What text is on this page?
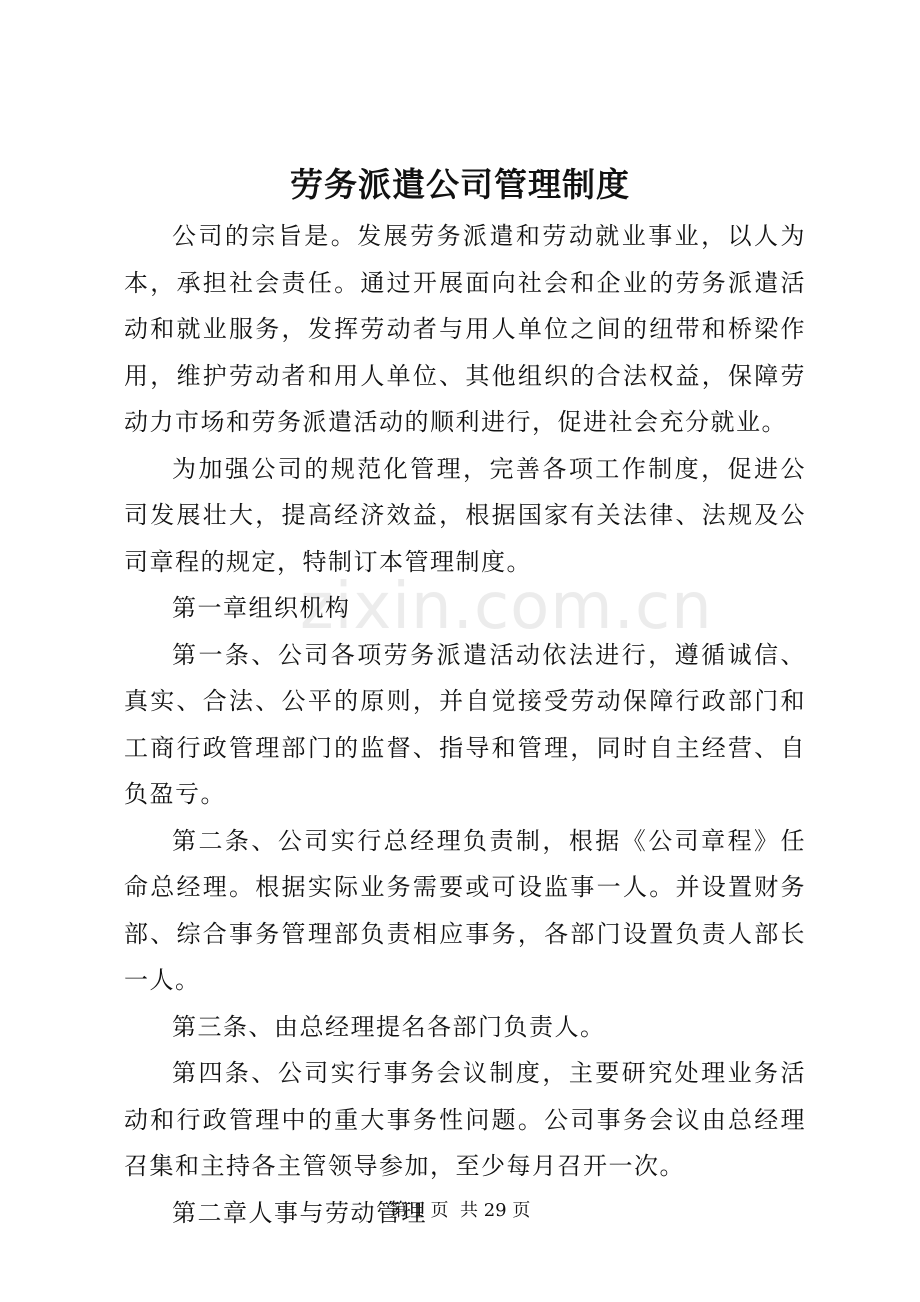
zixin.com.cn
劳务派遣公司管理制度

公司的宗旨是。发展劳务派遣和劳动就业事业，以人为本，承担社会责任。通过开展面向社会和企业的劳务派遣活动和就业服务，发挥劳动者与用人单位之间的纽带和桥梁作用，维护劳动者和用人单位、其他组织的合法权益，保障劳动力市场和劳务派遣活动的顺利进行，促进社会充分就业。

为加强公司的规范化管理，完善各项工作制度，促进公司发展壮大，提高经济效益，根据国家有关法律、法规及公司章程的规定，特制订本管理制度。

第一章组织机构

第一条、公司各项劳务派遣活动依法进行，遵循诚信、真实、合法、公平的原则，并自觉接受劳动保障行政部门和工商行政管理部门的监督、指导和管理，同时自主经营、自负盈亏。

第二条、公司实行总经理负责制，根据《公司章程》任命总经理。根据实际业务需要或可设监事一人。并设置财务部、综合事务管理部负责相应事务，各部门设置负责人部长一人。

第三条、由总经理提名各部门负责人。

第四条、公司实行事务会议制度，主要研究处理业务活动和行政管理中的重大事务性问题。公司事务会议由总经理召集和主持各主管领导参加，至少每月召开一次。

第二章人事与劳动管理

第 1 页  共 29 页
